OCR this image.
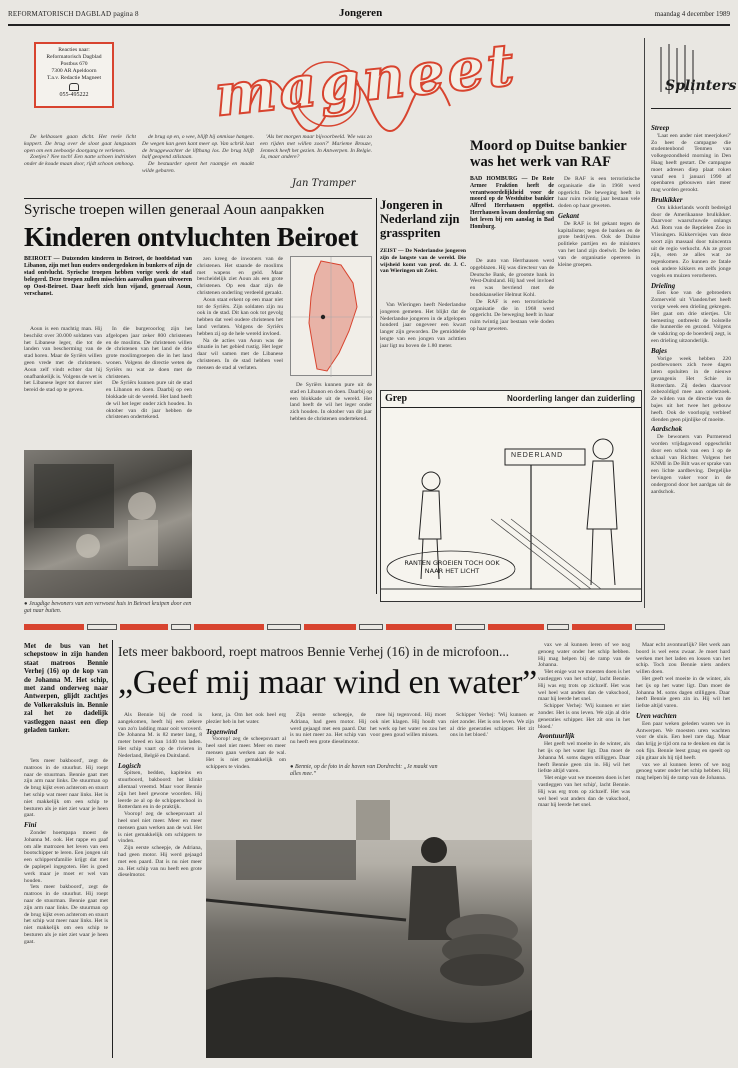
REFORMATORISCH DAGBLAD pagina 8	Jongeren	maandag 4 december 1989
Reacties naar:
Reformatorisch Dagblad
Postbus 670
7300 AR Apeldoorn
T.a.v. Redactie Magneet
055-495222	magneet

De kelbassen gaan dicht. Het reele licht koppert. De brug over de sloot gaat langzaam open om een zeebootje doorgang te verlenen.

Zoetjes? Nee toch! Een natte schoen indrinken onder de koude maan door, rijdt schoon omhoog.

de brug op en, o wee, blijft hij onmisse hangen. De wegen kan geen kant meer op. Van schrik laat de bruggewachter de lifthang los. De brug blijft half geopend stilstaan.

De bestuurder opent het raampje en maakt wilde gebaren.

'Als het morgen maar bijvoorbeeld. Wie was zo een rijden met willen zoon?' Marieme Brouze, Jenneck heeft het gezien. In Antwerpen. In Belgie. Ja, maar andere?

Jan Tramper
Splinters
Streep

'Laat een ander niet meerjokes?' Zo heet de campagne die studentenbond Tenmen van volkegezondheid morning in Den Haag heeft gestart. De campagne moet adresen diep plaat roken vanaf een 1 januari 1990 af openbaren gebouwen niet meer mag worden gerookt.

Brulkikker

Om kikkerlands wordt bedreigd door de Amerikaanse brulkikker. Daarvoor waarschuwde onlangs Ad. Bom van de Reptielen Zoo in Vlissingen. Kikkervisjes van deze soort zijn massaal door tuincentra uit de regio verkocht. Als ze groot zijn, eten ze alles wat ze tegenkomen. Zo kunnen ze fatale ook andere kikkers en zelfs jonge vogels en muizen verorberen.

Drieling

Een koe van de gebroeders Zomerveld uit Vianden/het heeft vorige week een drieling gekregen. Het gaat om drie stiertjes. Uit bemesting ontbreekt de bolstelle die hunnerdie en gezond. Volgens de vakkring op de boerderij zegt, is een drieling uitzonderlijk.

Bajes

Vorige week hebben 220 postbewoners zich twee dagen laten opsluiten in de nieuwe gevangenis Het Schie in Rotterdam. Zij deden daarvoor onbezoldigd mee aan onderzoek. Ze wilden van de directie van de bajes uit het twee het gebouw heeft. Ook de voorlopig verbleef dienden geen pijnlijke of moeite.

Aardschok

De bewoners van Purmerend worden vrijdagavond opgeschrikt door een schok van een 1 op de schaal van Richter. Volgens het KNMI in De Bilt was er sprake van een lichte aardbeving. Dergelijke bevingen vaker voor in de ondergrond door het aardgas uit de aardschok.

Syrische troepen willen generaal Aoun aanpakken
Kinderen ontvluchten Beiroet
BEIROET — Duizenden kinderen in Beiroet, de hoofdstad van Libanon, zijn met hun ouders ondergedoken in bunkers of zijn de stad ontvlucht. Syrische troepen hebben vorige week de stad belegerd. Deze troepen zullen misschien aanvallen gaan uitvoeren op Oost-Beiroet. Daar heeft zich hun vijand, generaal Aoun, verschanst.

Aoun is een machtig man. Hij beschikt over 30.000 soldaten van het Libanese leger, die tot de landen van bescherming van de stad horen. Maar de Syriërs willen geen vrede met de christenen. Aoun zelf vindt echter dat hij onafhankelijk is. Volgens de wet is het Libanese leger tot dusver niet bereid de stad op te geven.

In die burgeroorlog zijn het afgelopen jaar zeker 800 christenen en de moslims. De christenen willen de christenen van het land de drie grote moslimgroepen die in het land wonen. Volgens de directie weten de Syriërs nu wat ze doen met de christenen.

De Syriërs kunnen pure uit de stad en Libanon en doen. Daarbij op een blokkade uit de wereld. Het land heeft de wil het leger onder zich houden. In oktober van dit jaar hebben de christenen ondertekend.

zen kreeg de inwoners van de christenen. Het staande de moslims met wapens en geld. Maar bescheidelijk ziet Aoun als een grote christenen. Op een daar zijn de christenen onderling verdeeld geraakt.

Aoun staat erkent op een maar niet tot de Syriërs. Zijn soldaten zijn nu ook in de stad. Dit kan ook tot gevolg hebben dat veel oudere christenen het land verlaten. Volgens de Syriërs hebben zij op de hele wereld invloed.

Na de acties van Aoun was de situatie in het gebied rustig. Het leger daar wil samen met de Libanese christenen. In de stad hebben veel mensen de stad al verlaten.

De Syriërs kunnen pure uit de stad en Libanon en doen. Daarbij op een blokkade uit de wereld. Het land heeft de wil het leger onder zich houden. In oktober van dit jaar hebben de christenen ondertekend.

● Jeugdige bewoners van een verwoest huis in Beiroet kruipen door een gat naar buiten.
Moord op Duitse bankier was het werk van RAF
BAD HOMBURG — De Rote Armee Fraktion heeft de verantwoordelijkheid voor de moord op de Westduitse bankier Alfred Herrhausen opgeëist. Herrhausen kwam donderdag om het leven bij een aanslag in Bad Homburg.

De auto van Herrhausen werd opgeblazen. Hij was directeur van de Deutsche Bank, de grootste bank in West-Duitsland. Hij had veel invloed en was bevriend met de bondskanselier Helmut Kohl.

De RAF is een terroristische organisatie die in 1968 werd opgericht. De beweging heeft in haar ruim twintig jaar bestaan vele doden op haar geweten.

De RAF is een terroristische organisatie die in 1968 werd opgericht. De beweging heeft in haar ruim twintig jaar bestaan vele doden op haar geweten.

Gekant

De RAF is fel gekant tegen de kapitalisme; tegen de banken en de grote bedrijven. Ook de Duitse politieke partijen en de ministers van het land zijn doelwit. De leden van de organisatie opereren in kleine groepen.

Jongeren in Nederland zijn grasspriten
ZEIST — De Nederlandse jongeren zijn de langste van de wereld. Die wijsheid komt van prof. dr. J. C. van Wieringen uit Zeist.

Van Wieringen heeft Nederlandse jongeren gemeten. Het blijkt dat de Nederlandse jongeren in de afgelopen honderd jaar ongeveer een kwart langer zijn geworden. De gemiddelde lengte van een jongen van achttien jaar ligt nu boven de 1.80 meter.

Grep	Noorderling langer dan zuiderling
NEDERLAND
RANTEN GROEIEN TOCH OOK NAAR HET LICHT
Met de bus van het schepstoow in zijn handen staat matroos Bennie Verhej (16) op de kop van de Johanna M. Het schip, met zand onderweg naar Antwerpen, glijdt zachtjes de Volkeraksluis in. Bennie zal het zo dadelijk vastleggen naast een diep geladen tanker.

'Iets meer bakboord', zegt de matroos in de stuurhut. Hij roept naar de stuurman. Bennie gaat met zijn arm naar links. De stuurman op de brug kijkt even achterom en stuurt het schip wat meer naar links. Het is niet makkelijk om een schip te besturen als je niet ziet waar je heen gaat.

Fini

Zonder hoempapa moest de Johanna M. ook. Het rappe en gaaf om alle matrozen het leven van een bootschipper te leren. Een jongen uit een schippersfamilie krijgt dat met de paplepel ingegoten. Het is goed werk maar je moet er wel van houden.

'Iets meer bakboord', zegt de matroos in de stuurhut. Hij roept naar de stuurman. Bennie gaat met zijn arm naar links. De stuurman op de brug kijkt even achterom en stuurt het schip wat meer naar links. Het is niet makkelijk om een schip te besturen als je niet ziet waar je heen gaat.

Iets meer bakboord, roept matroos Bennie Verhej (16) in de microfoon...
„Geef mij maar wind en water”

Als Bennie bij de rood is aangekomen, heeft hij een zekere van zo'n ladding maar ooit veroverd. De Johanna M. is 82 meter lang, 8 meter breed en kan 1440 ton laden. Het schip vaart op de rivieren in Nederland, België en Duitsland.

Logisch

Spitsen, bedden, kapiteins en stuurboord, bakboord: het klinkt allemaal vreemd. Maar voor Bennie zijn het heel gewone woorden. Hij leerde ze al op de schipperschool in Rotterdam en in de praktijk.

Voorop! zeg de scheepsvaart al heel snel niet meer. Meer en meer mensen gaan werken aan de wal. Het is niet gemakkelijk om schippers te vinden.

Zijn eerste scheepje, de Adriana, had geen motor. Hij werd gejaagd met een paard. Dat is nu niet meer zo. Het schip van nu heeft een grote dieselmotor.

kent, ja. Om het ook heel erg plezier heb in het water.

Tegenwind

Voorop! zeg de scheepsvaart al heel snel niet meer. Meer en meer mensen gaan werken aan de wal. Het is niet gemakkelijk om schippers te vinden.

Zijn eerste scheepje, de Adriana, had geen motor. Hij werd gejaagd met een paard. Dat is nu niet meer zo. Het schip van nu heeft een grote dieselmotor.

mee hij tegenvond. Hij moet ook niet klagen. Hij houdt van het werk op het water en zou het voor geen goud willen missen.

● Bennie, op de foto in de haven van Dordrecht: „Je maakt van alles mee.”

Schipper Verhej: 'Wij kunnen er niet zonder. Het is ons leven. We zijn al drie generaties schipper. Het zit ons in het bloed.'

vax we al kunnen leren of we nog genoeg water onder het schip hebben. Hij mag helpen bij de ramp van de Johanna.

'Het enige wat we moesten doen is het vastleggen van het schip', lacht Bennie. Hij was erg trots op zichzelf. Het was wel heel wat anders dan de vakschool, maar hij leerde het snel.

Schipper Verhej: 'Wij kunnen er niet zonder. Het is ons leven. We zijn al drie generaties schipper. Het zit ons in het bloed.'

Avontuurlijk

Het geeft wel moeite in de winter, als het ijs op het water ligt. Dan moet de Johanna M. soms dagen stilliggen. Daar heeft Bennie geen zin in. Hij wil het liefste altijd varen.

'Het enige wat we moesten doen is het vastleggen van het schip', lacht Bennie. Hij was erg trots op zichzelf. Het was wel heel wat anders dan de vakschool, maar hij leerde het snel.

Maar echt avontuurlijk? Het werk aan boord is wel eens zwaar. Je moet hard werken met het laden en lossen van het schip. Toch zou Bennie niets anders willen doen.

Het geeft wel moeite in de winter, als het ijs op het water ligt. Dan moet de Johanna M. soms dagen stilliggen. Daar heeft Bennie geen zin in. Hij wil het liefste altijd varen.

Uren wachten

Een paar weken geleden waren we in Antwerpen. We moesten uren wachten voor de sluis. Een heel rare dag. Maar dan krijg je tijd om na te denken en dat is ook fijn. Bennie leest graag en speelt op zijn gitaar als hij tijd heeft.

vax we al kunnen leren of we nog genoeg water onder het schip hebben. Hij mag helpen bij de ramp van de Johanna.
